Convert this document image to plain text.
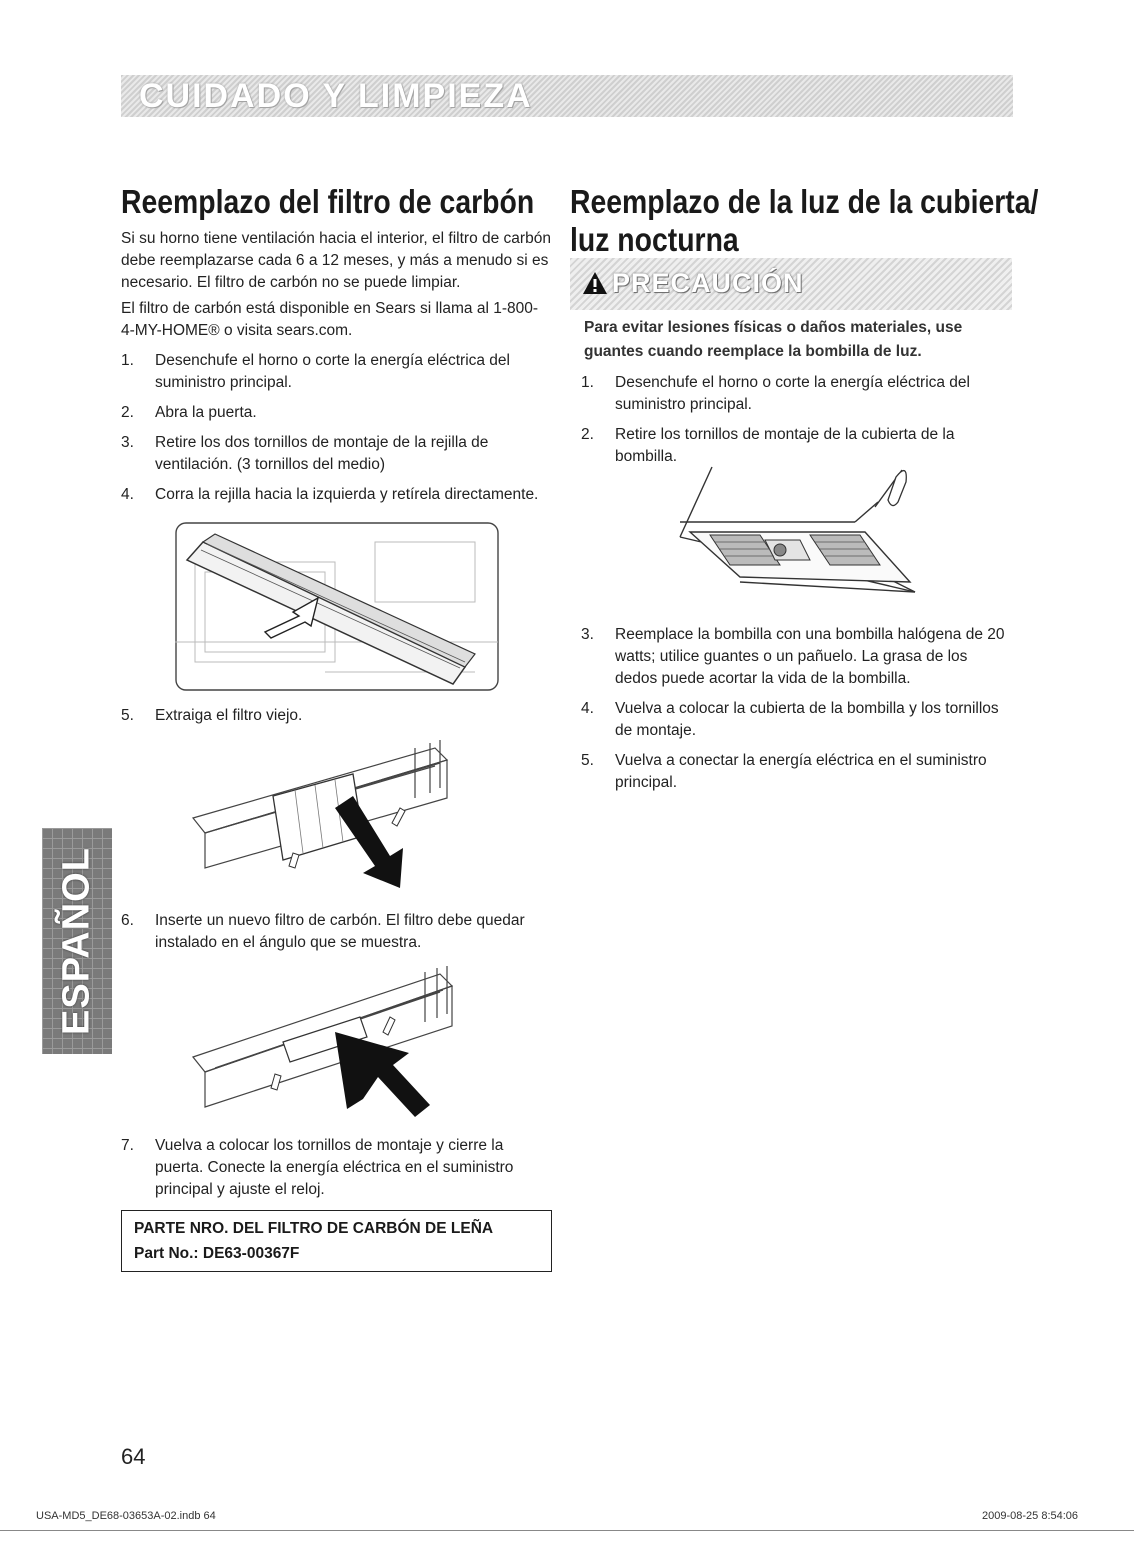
CUIDADO Y LIMPIEZA
ESPAÑOL
Reemplazo del filtro de carbón
Si su horno tiene ventilación hacia el interior, el filtro de carbón debe reemplazarse cada 6 a 12 meses, y más a menudo si es necesario. El filtro de carbón no se puede limpiar.
El filtro de carbón está disponible en Sears si llama al 1-800-4-MY-HOME® o visita sears.com.
1.	Desenchufe el horno o corte la energía eléctrica del suministro principal.
2.	Abra la puerta.
3.	Retire los dos tornillos de montaje de la rejilla de ventilación. (3 tornillos del medio)
4.	Corra la rejilla hacia la izquierda y retírela directamente.
5.	Extraiga el filtro viejo.
6.	Inserte un nuevo filtro de carbón. El filtro debe quedar instalado en el ángulo que se muestra.
7.	Vuelva a colocar los tornillos de montaje y cierre la puerta. Conecte la energía eléctrica en el suministro principal y ajuste el reloj.
PARTE NRO. DEL FILTRO DE CARBÓN DE LEÑA
Part No.: DE63-00367F
Reemplazo de la luz de la cubierta/
luz nocturna
PRECAUCIÓN
Para evitar lesiones físicas o daños materiales, use guantes cuando reemplace la bombilla de luz.
1.	Desenchufe el horno o corte la energía eléctrica del suministro principal.
2.	Retire los tornillos de montaje de la cubierta de la bombilla.
3.	Reemplace la bombilla con una bombilla halógena de 20 watts; utilice guantes o un pañuelo. La grasa de los dedos puede acortar la vida de la bombilla.
4.	Vuelva a colocar la cubierta de la bombilla y los tornillos de montaje.
5.	Vuelva a conectar la energía eléctrica en el suministro principal.
64
USA-MD5_DE68-03653A-02.indb 64	2009-08-25 8:54:06
